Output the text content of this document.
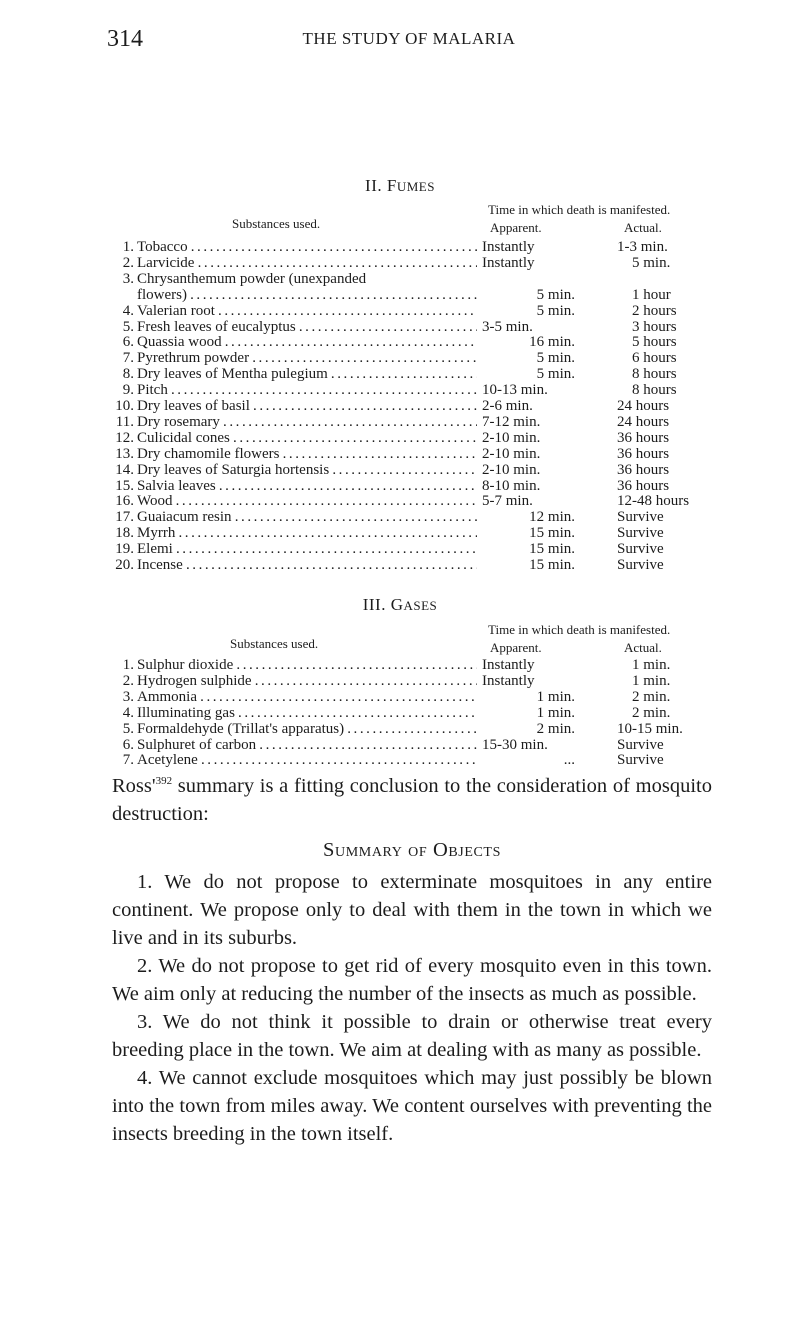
314	THE STUDY OF MALARIA
II. FUMES
Time in which death is manifested.
Substances used.	Apparent.	Actual.
1. Tobacco . . .	Instantly	1-3 min.
2. Larvicide . . .	Instantly	5 min.
3. Chrysanthemum powder (unexpanded
flowers) . . .	5 min.	1 hour
4. Valerian root . . .	5 min.	2 hours
5. Fresh leaves of eucalyptus . . .	3-5 min.	3 hours
6. Quassia wood . . .	16 min.	5 hours
7. Pyrethrum powder . . .	5 min.	6 hours
8. Dry leaves of Mentha pulegium . . .	5 min.	8 hours
9. Pitch . . .	10-13 min.	8 hours
10. Dry leaves of basil . . .	2-6 min.	24 hours
11. Dry rosemary . . .	7-12 min.	24 hours
12. Culicidal cones . . .	2-10 min.	36 hours
13. Dry chamomile flowers . . .	2-10 min.	36 hours
14. Dry leaves of Saturgia hortensis . . .	2-10 min.	36 hours
15. Salvia leaves . . .	8-10 min.	36 hours
16. Wood . . .	5-7 min.	12-48 hours
17. Guaiacum resin . . .	12 min.	Survive
18. Myrrh . . .	15 min.	Survive
19. Elemi . . .	15 min.	Survive
20. Incense . . .	15 min.	Survive
III. GASES
Time in which death is manifested.
Substances used.	Apparent.	Actual.
1. Sulphur dioxide . . .	Instantly	1 min.
2. Hydrogen sulphide . . .	Instantly	1 min.
3. Ammonia . . .	1 min.	2 min.
4. Illuminating gas . . .	1 min.	2 min.
5. Formaldehyde (Trillat's apparatus) . . .	2 min.	10-15 min.
6. Sulphuret of carbon . . .	15-30 min.	Survive
7. Acetylene . . .	...	Survive

$Ross'^{392}$ summary is a fitting conclusion to the consideration of mosquito destruction:

Summary of Objects

1. We do not propose to exterminate mosquitoes in any entire continent. We propose only to deal with them in the town in which we live and in its suburbs.

2. We do not propose to get rid of every mosquito even in this town. We aim only at reducing the number of the insects as much as possible.

3. We do not think it possible to drain or otherwise treat every breeding place in the town. We aim at dealing with as many as possible.

4. We cannot exclude mosquitoes which may just possibly be blown into the town from miles away. We content ourselves with preventing the insects breeding in the town itself.
